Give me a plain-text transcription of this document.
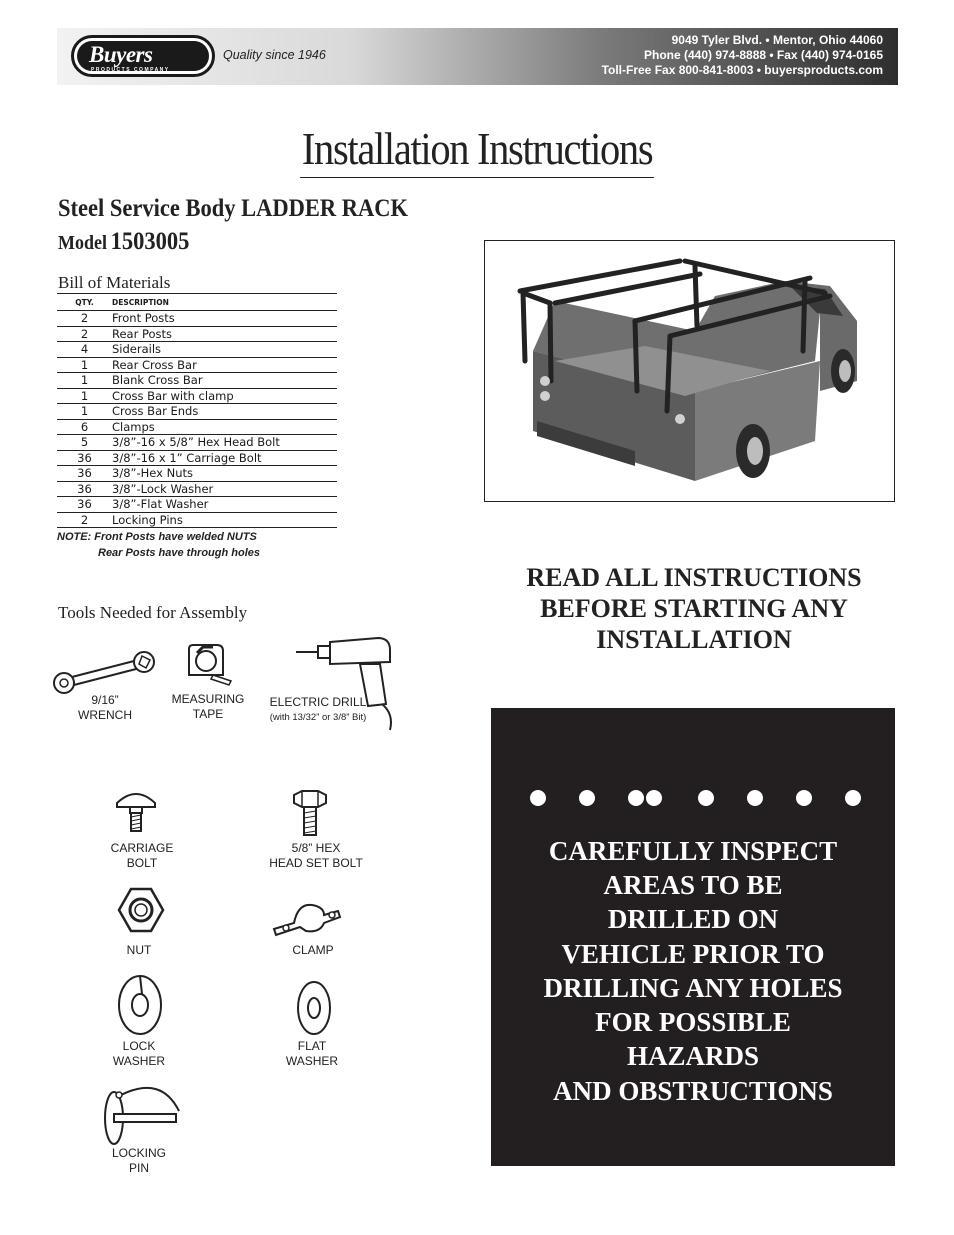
Buyers
PRODUCTS COMPANY
Quality since 1946
9049 Tyler Blvd. • Mentor, Ohio 44060
Phone (440) 974-8888 • Fax (440) 974-0165
Toll-Free Fax 800-841-8003 • buyersproducts.com
Installation Instructions
Steel Service Body LADDER RACK
Model 1503005
Bill of Materials
QTY.	DESCRIPTION
2	Front Posts
2	Rear Posts
4	Siderails
1	Rear Cross Bar
1	Blank Cross Bar
1	Cross Bar with clamp
1	Cross Bar Ends
6	Clamps
5	3/8”-16 x 5/8” Hex Head Bolt
36	3/8”-16 x 1” Carriage Bolt
36	3/8”-Hex Nuts
36	3/8”-Lock Washer
36	3/8”-Flat Washer
2	Locking Pins
NOTE: Front Posts have welded NUTS
Rear Posts have through holes
READ ALL INSTRUCTIONS
BEFORE STARTING ANY
INSTALLATION
Tools Needed for Assembly
9/16”
WRENCH
MEASURING
TAPE
ELECTRIC DRILL
(with 13/32” or 3/8” Bit)
CARRIAGE
BOLT
5/8” HEX
HEAD SET BOLT
NUT	CLAMP
LOCK
WASHER
FLAT
WASHER
LOCKING
PIN
CAREFULLY INSPECT
AREAS TO BE
DRILLED ON
VEHICLE PRIOR TO
DRILLING ANY HOLES
FOR POSSIBLE
HAZARDS
AND OBSTRUCTIONS
